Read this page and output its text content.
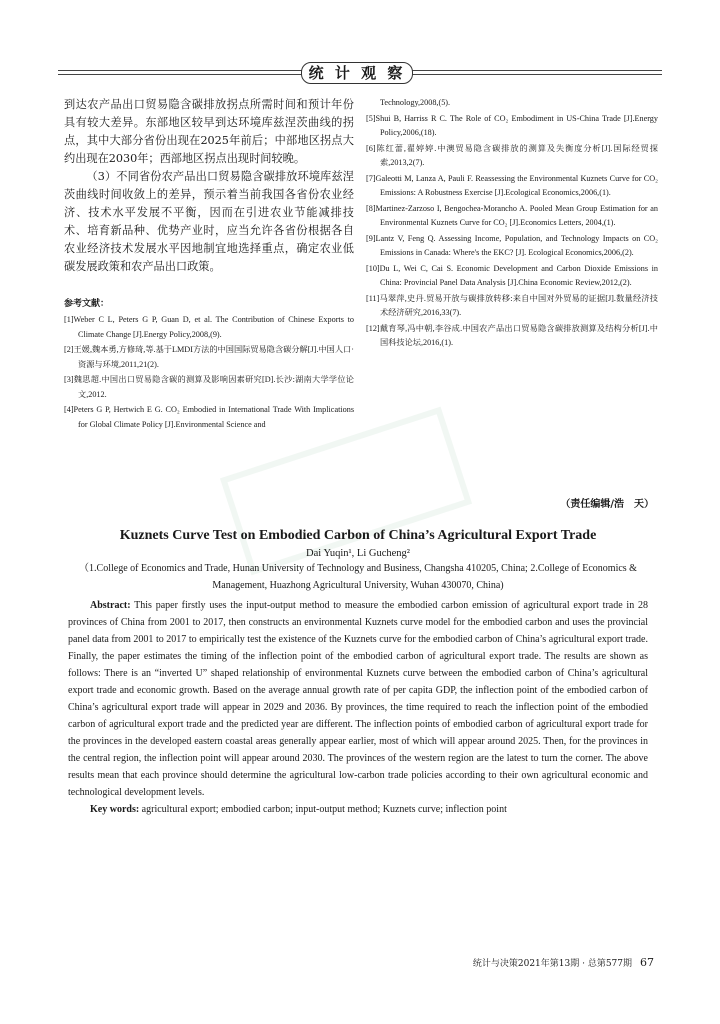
统 计 观 察

到达农产品出口贸易隐含碳排放拐点所需时间和预计年份具有较大差异。东部地区较早到达环境库兹涅茨曲线的拐点，其中大部分省份出现在2025年前后；中部地区拐点大约出现在2030年；西部地区拐点出现时间较晚。

（3）不同省份农产品出口贸易隐含碳排放环境库兹涅茨曲线时间收敛上的差异，预示着当前我国各省份农业经济、技术水平发展不平衡，因而在引进农业节能减排技术、培育新品种、优势产业时，应当允许各省份根据各自农业经济技术发展水平因地制宜地选择重点，确定农业低碳发展政策和农产品出口政策。

参考文献：

[1]Weber C L, Peters G P, Guan D, et al. The Contribution of Chinese Exports to Climate Change [J].Energy Policy,2008,(9).

[2]王媛,魏本勇,方修琦,等.基于LMDI方法的中国国际贸易隐含碳分解[J].中国人口·资源与环境,2011,21(2).

[3]魏思超.中国出口贸易隐含碳的测算及影响因素研究[D].长沙:湖南大学学位论文,2012.

[4]Peters G P, Hertwich E G. CO₂ Embodied in International Trade With Implications for Global Climate Policy [J].Environmental Science and

Technology,2008,(5).

[5]Shui B, Harriss R C. The Role of CO₂ Embodiment in US-China Trade [J].Energy Policy,2006,(18).

[6]陈红蕾,翟婷婷.中澳贸易隐含碳排放的测算及失衡度分析[J].国际经贸探索,2013,2(7).

[7]Galeotti M, Lanza A, Pauli F. Reassessing the Environmental Kuznets Curve for CO₂ Emissions: A Robustness Exercise [J].Ecological Economics,2006,(1).

[8]Martinez-Zarzoso I, Bengochea-Morancho A. Pooled Mean Group Estimation for an Environmental Kuznets Curve for CO₂ [J].Economics Letters, 2004,(1).

[9]Lantz V, Feng Q. Assessing Income, Population, and Technology Impacts on CO₂ Emissions in Canada: Where's the EKC? [J]. Ecological Economics,2006,(2).

[10]Du L, Wei C, Cai S. Economic Development and Carbon Dioxide Emissions in China: Provincial Panel Data Analysis [J].China Economic Review,2012,(2).

[11]马翠萍,史丹.贸易开放与碳排放转移:来自中国对外贸易的证据[J].数量经济技术经济研究,2016,33(7).

[12]戴育琴,冯中朝,李谷成.中国农产品出口贸易隐含碳排放测算及结构分析[J].中国科技论坛,2016,(1).

（责任编辑/浩　天）

Kuznets Curve Test on Embodied Carbon of China’s Agricultural Export Trade

Dai Yuqin¹, Li Gucheng²

（1.College of Economics and Trade, Hunan University of Technology and Business, Changsha 410205, China; 2.College of Economics & Management, Huazhong Agricultural University, Wuhan 430070, China)

Abstract: This paper firstly uses the input-output method to measure the embodied carbon emission of agricultural export trade in 28 provinces of China from 2001 to 2017, then constructs an environmental Kuznets curve model for the embodied carbon and uses the provincial panel data from 2001 to 2017 to empirically test the existence of the Kuznets curve for the embodied carbon of China’s agricultural export trade. Finally, the paper estimates the timing of the inflection point of the embodied carbon of agricultural export trade. The results are shown as follows: There is an “inverted U” shaped relationship of environmental Kuznets curve between the embodied carbon of China’s agricultural export trade and economic growth. Based on the average annual growth rate of per capita GDP, the inflection point of the embodied carbon of China’s agricultural export trade will appear in 2029 and 2036. By provinces, the time required to reach the inflection point of the embodied carbon of agricultural export trade and the predicted year are different. The inflection points of embodied carbon of agricultural export trade for the provinces in the developed eastern coastal areas generally appear earlier, most of which will appear around 2025. Then, for the provinces in the central region, the inflection point will appear around 2030. The provinces of the western region are the latest to turn the corner. The above results mean that each province should determine the agricultural low-carbon trade policies according to their own agricultural economic and technological development levels.

Key words: agricultural export; embodied carbon; input-output method; Kuznets curve; inflection point

统计与决策2021年第13期 · 总第577期 67
